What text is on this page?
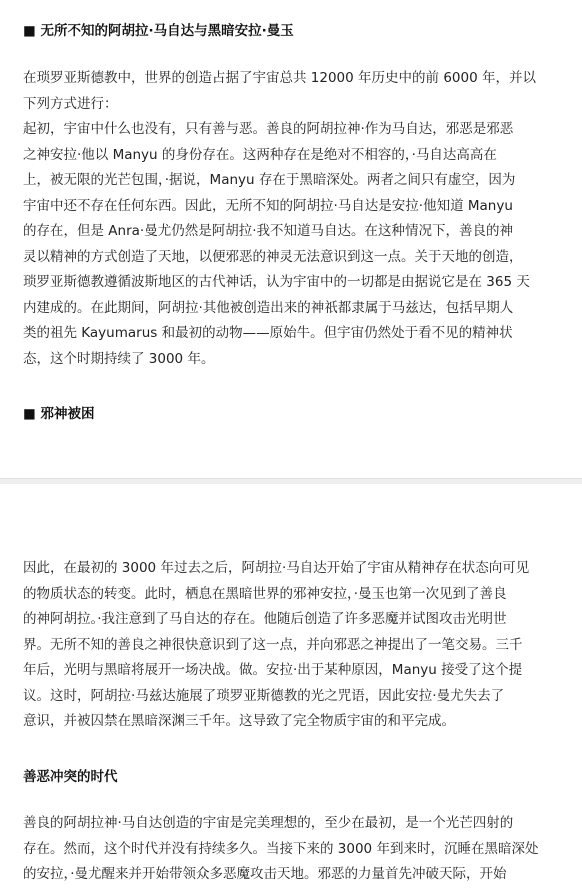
■ 无所不知的阿胡拉·马自达与黑暗安拉·曼玉
在琐罗亚斯德教中，世界的创造占据了宇宙总共 12000 年历史中的前 6000 年，并以
下列方式进行：
起初，宇宙中什么也没有，只有善与恶。善良的阿胡拉神·作为马自达，邪恶是邪恶
之神安拉·他以 Manyu 的身份存在。这两种存在是绝对不相容的，·马自达高高在
上，被无限的光芒包围，·据说，Manyu 存在于黑暗深处。两者之间只有虚空，因为
宇宙中还不存在任何东西。因此，无所不知的阿胡拉·马自达是安拉·他知道 Manyu
的存在，但是 Anra·曼尤仍然是阿胡拉·我不知道马自达。在这种情况下，善良的神
灵以精神的方式创造了天地，以便邪恶的神灵无法意识到这一点。关于天地的创造，
琐罗亚斯德教遵循波斯地区的古代神话，认为宇宙中的一切都是由据说它是在 365 天
内建成的。在此期间，阿胡拉·其他被创造出来的神祇都隶属于马兹达，包括早期人
类的祖先 Kayumarus 和最初的动物——原始牛。但宇宙仍然处于看不见的精神状
态，这个时期持续了 3000 年。
■ 邪神被困
因此，在最初的 3000 年过去之后，阿胡拉·马自达开始了宇宙从精神存在状态向可见
的物质状态的转变。此时，栖息在黑暗世界的邪神安拉，·曼玉也第一次见到了善良
的神阿胡拉。·我注意到了马自达的存在。他随后创造了许多恶魔并试图攻击光明世
界。无所不知的善良之神很快意识到了这一点，并向邪恶之神提出了一笔交易。三千
年后，光明与黑暗将展开一场决战。做。安拉·出于某种原因，Manyu 接受了这个提
议。这时，阿胡拉·马兹达施展了琐罗亚斯德教的光之咒语，因此安拉·曼尤失去了
意识，并被囚禁在黑暗深渊三千年。这导致了完全物质宇宙的和平完成。
善恶冲突的时代
善良的阿胡拉神·马自达创造的宇宙是完美理想的，至少在最初，是一个光芒四射的
存在。然而，这个时代并没有持续多久。当接下来的 3000 年到来时，沉睡在黑暗深处
的安拉，·曼尤醒来并开始带领众多恶魔攻击天地。邪恶的力量首先冲破天际，开始
